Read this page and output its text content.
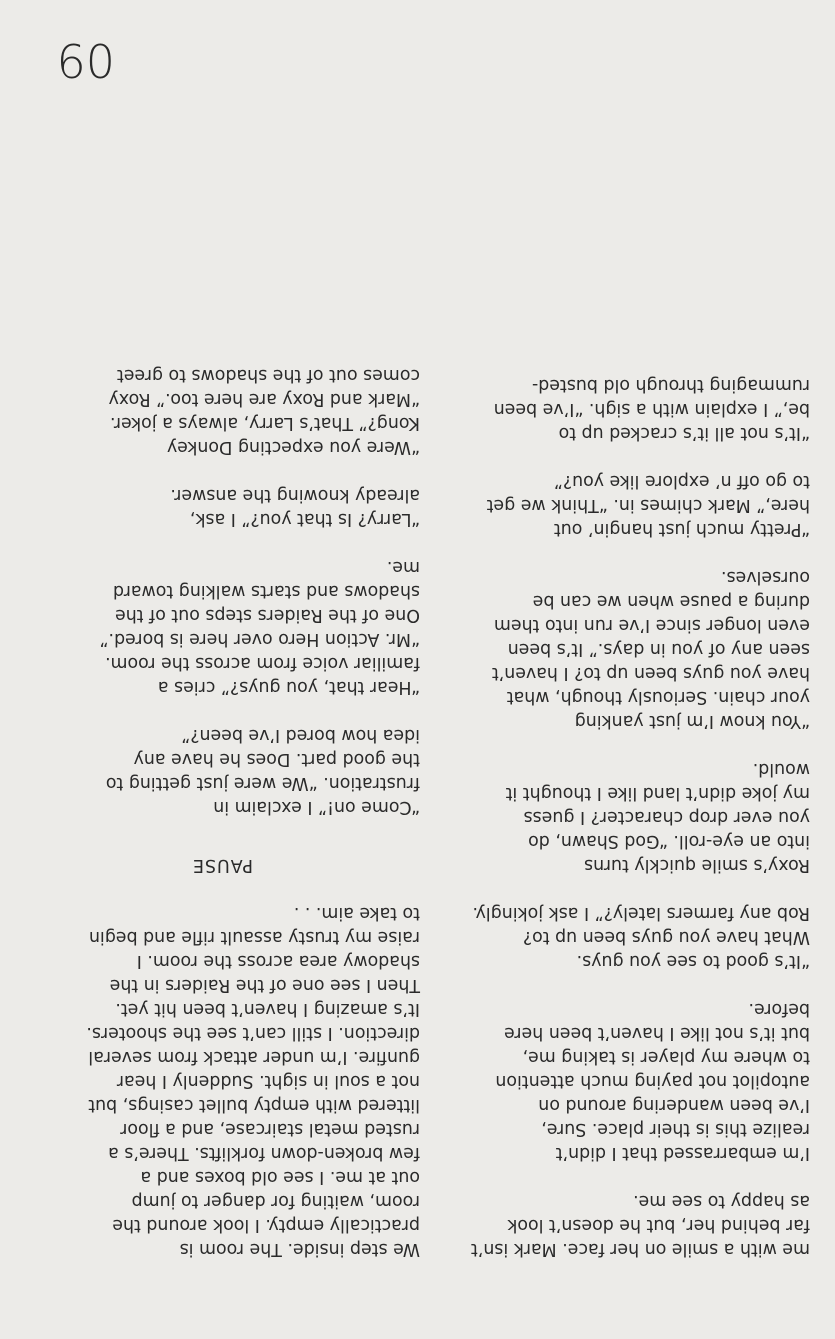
60

We step inside. The room is
practically empty. I look around the
room, waiting for danger to jump
out at me. I see old boxes and a
few broken-down forklifts. There’s a
rusted metal staircase, and a floor
littered with empty bullet casings, but
not a soul in sight. Suddenly I hear
gunfire. I’m under attack from several
direction. I still can’t see the shooters.
It’s amazing I haven’t been hit yet.
Then I see one of the Raiders in the
shadowy area across the room. I
raise my trusty assault rifle and begin
to take aim. . .

PAUSE

“Come on!” I exclaim in
frustration. “We were just getting to
the good part. Does he have any
idea how bored I’ve been?”

“Hear that, you guys?” cries a
familiar voice from across the room.
“Mr. Action Hero over here is bored.”
One of the Raiders steps out of the
shadows and starts walking toward
me.

“Larry? Is that you?” I ask,
already knowing the answer.

“Were you expecting Donkey
Kong?” That’s Larry, always a joker.
“Mark and Roxy are here too.” Roxy
comes out of the shadows to greet

me with a smile on her face. Mark isn’t
far behind her, but he doesn’t look
as happy to see me.

I’m embarrassed that I didn’t
realize this is their place. Sure,
I’ve been wandering around on
autopilot not paying much attention
to where my player is taking me,
but it’s not like I haven’t been here
before.

“It’s good to see you guys.
What have you guys been up to?
Rob any farmers lately?” I ask jokingly.

Roxy’s smile quickly turns
into an eye-roll. “God Shawn, do
you ever drop character? I guess
my joke didn’t land like I thought it
would.

“You know I’m just yanking
your chain. Seriously though, what
have you guys been up to? I haven’t
seen any of you in days.” It’s been
even longer since I’ve run into them
during a pause when we can be
ourselves.

“Pretty much just hangin’ out
here,” Mark chimes in. “Think we get
to go off n’ explore like you?”

“It’s not all it’s cracked up to
be,” I explain with a sigh. “I’ve been
rummaging through old busted-
